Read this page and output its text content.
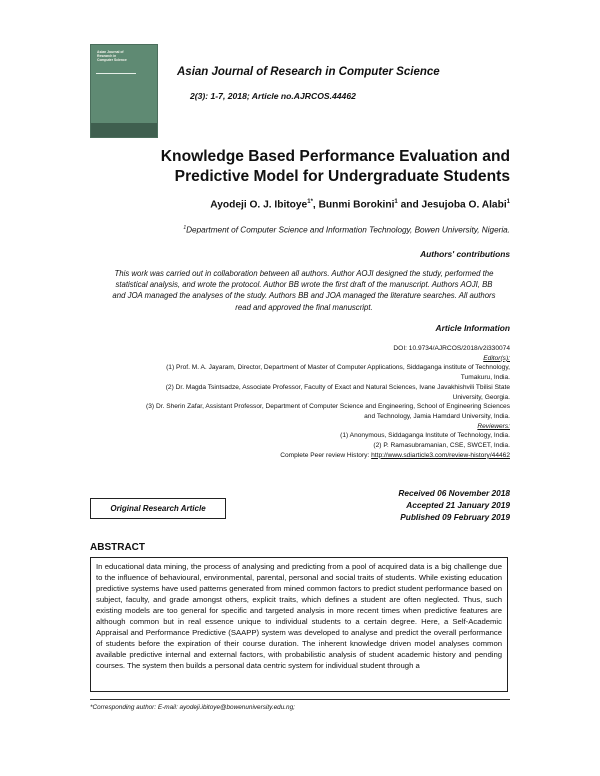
Asian Journal of
Research in
Computer Science
Asian Journal of Research in Computer Science
2(3): 1-7, 2018; Article no.AJRCOS.44462
Knowledge Based Performance Evaluation and
Predictive Model for Undergraduate Students
Ayodeji O. J. Ibitoye$^{1*}$, Bunmi Borokini$^1$ and Jesujoba O. Alabi$^1$
$^1$Department of Computer Science and Information Technology, Bowen University, Nigeria.
Authors' contributions
This work was carried out in collaboration between all authors. Author AOJI designed the study, performed the statistical analysis, and wrote the protocol. Author BB wrote the first draft of the manuscript. Authors AOJI, BB and JOA managed the analyses of the study. Authors BB and JOA managed the literature searches. All authors read and approved the final manuscript.
Article Information
DOI: 10.9734/AJRCOS/2018/v2i330074
Editor(s):
(1) Prof. M. A. Jayaram, Director, Department of Master of Computer Applications, Siddaganga institute of Technology,
Tumakuru, India.
(2) Dr. Magda Tsintsadze, Associate Professor, Faculty of Exact and Natural Sciences, Ivane Javakhishvili Tbilisi State
University, Georgia.
(3) Dr. Sherin Zafar, Assistant Professor, Department of Computer Science and Engineering, School of Engineering Sciences
and Technology, Jamia Hamdard University, India.
Reviewers:
(1) Anonymous, Siddaganga Institute of Technology, India.
(2) P. Ramasubramanian, CSE, SWCET, India.
Complete Peer review History: http://www.sdiarticle3.com/review-history/44462
Original Research Article
Received 06 November 2018
Accepted 21 January 2019
Published 09 February 2019
ABSTRACT
In educational data mining, the process of analysing and predicting from a pool of acquired data is a big challenge due to the influence of behavioural, environmental, parental, personal and social traits of students. While existing education predictive systems have used patterns generated from mined common factors to predict student performance based on subject, faculty, and grade amongst others, explicit traits, which defines a student are often neglected. Thus, such existing models are too general for specific and targeted analysis in more recent times when predictive features are although common but in real essence unique to individual students to a certain degree. Here, a Self-Academic Appraisal and Performance Predictive (SAAPP) system was developed to analyse and predict the overall performance of students before the expiration of their course duration. The inherent knowledge driven model analyses common available predictive internal and external factors, with probabilistic analysis of student academic history and pending courses. The system then builds a personal data centric system for individual student through a
*Corresponding author: E-mail: ayodeji.ibitoye@bowenuniversity.edu.ng;
